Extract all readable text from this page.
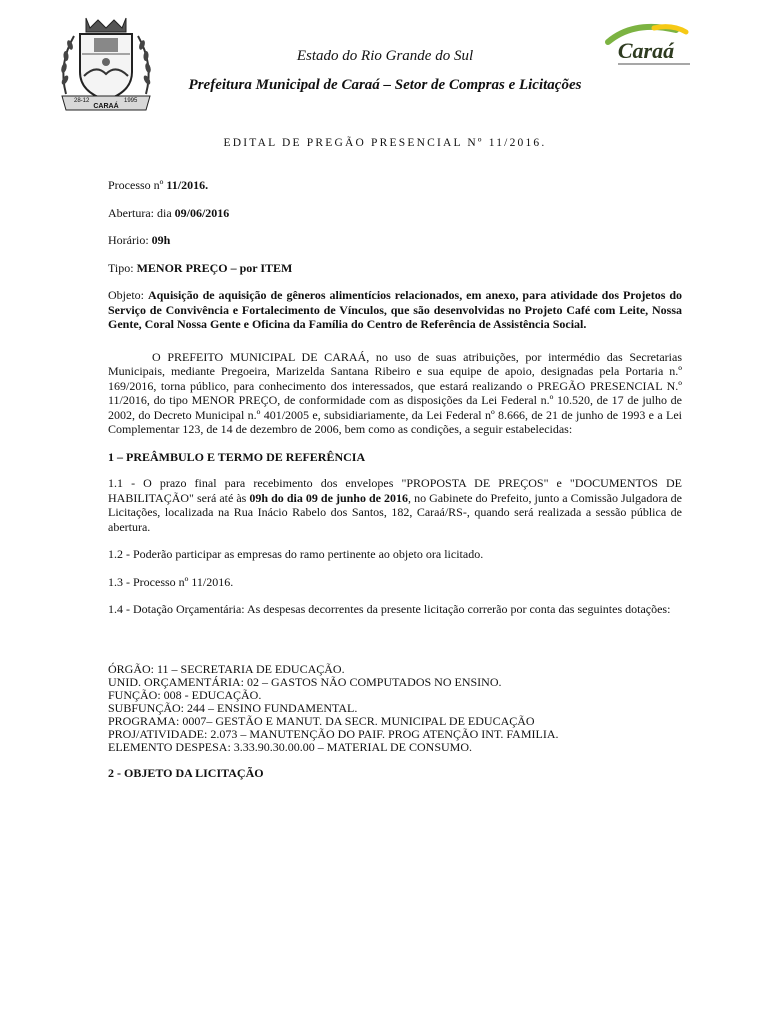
28-12	1995
CARAÁ
Caraá
Estado do Rio Grande do Sul
Prefeitura Municipal de Caraá – Setor de Compras e Licitações
EDITAL DE PREGÃO PRESENCIAL Nº 11/2016.

Processo nº 11/2016.

Abertura: dia 09/06/2016

Horário: 09h

Tipo: MENOR PREÇO – por ITEM

Objeto: Aquisição de aquisição de gêneros alimentícios relacionados, em anexo, para atividade dos Projetos do Serviço de Convivência e Fortalecimento de Vínculos, que são desenvolvidas no Projeto Café com Leite, Nossa Gente, Coral Nossa Gente e Oficina da Família do Centro de Referência de Assistência Social.

O PREFEITO MUNICIPAL DE CARAÁ, no uso de suas atribuições, por intermédio das Secretarias Municipais, mediante Pregoeira, Marizelda Santana Ribeiro e sua equipe de apoio, designadas pela Portaria n.º 169/2016, torna público, para conhecimento dos interessados, que estará realizando o PREGÃO PRESENCIAL N.º 11/2016, do tipo MENOR PREÇO, de conformidade com as disposições da Lei Federal n.º 10.520, de 17 de julho de 2002, do Decreto Municipal n.º 401/2005 e, subsidiariamente, da Lei Federal nº 8.666, de 21 de junho de 1993 e a Lei Complementar 123, de 14 de dezembro de 2006, bem como as condições, a seguir estabelecidas:

1 – PREÂMBULO E TERMO DE REFERÊNCIA

1.1 - O prazo final para recebimento dos envelopes "PROPOSTA DE PREÇOS" e "DOCUMENTOS DE HABILITAÇÃO" será até às 09h do dia 09 de junho de 2016, no Gabinete do Prefeito, junto a Comissão Julgadora de Licitações, localizada na Rua Inácio Rabelo dos Santos, 182, Caraá/RS-, quando será realizada a sessão pública de abertura.

1.2 - Poderão participar as empresas do ramo pertinente ao objeto ora licitado.

1.3 - Processo nº 11/2016.

1.4 - Dotação Orçamentária: As despesas decorrentes da presente licitação correrão por conta das seguintes dotações:

ÓRGÃO: 11 – SECRETARIA DE EDUCAÇÃO.
UNID. ORÇAMENTÁRIA: 02 – GASTOS NÃO COMPUTADOS NO ENSINO.
FUNÇÃO: 008 - EDUCAÇÃO.
SUBFUNÇÃO: 244 – ENSINO FUNDAMENTAL.
PROGRAMA: 0007– GESTÃO E MANUT. DA SECR. MUNICIPAL DE EDUCAÇÃO
PROJ/ATIVIDADE: 2.073 – MANUTENÇÃO DO PAIF. PROG ATENÇÃO INT. FAMILIA.
ELEMENTO DESPESA: 3.33.90.30.00.00 – MATERIAL DE CONSUMO.

2 - OBJETO DA LICITAÇÃO
